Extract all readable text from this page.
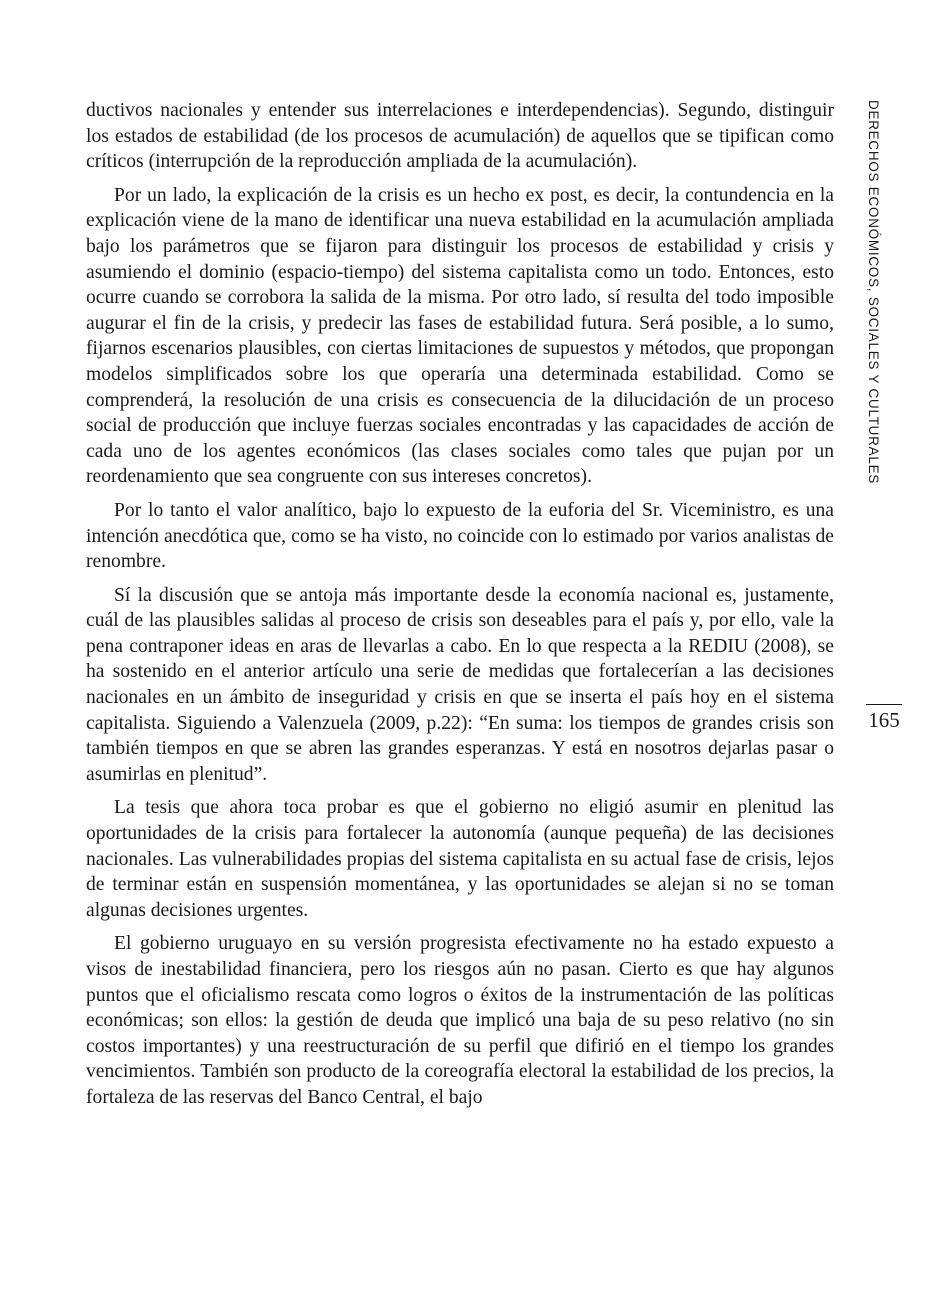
ductivos nacionales y entender sus interrelaciones e interdependencias). Segundo, distinguir los estados de estabilidad (de los procesos de acumulación) de aquellos que se tipifican como críticos (interrupción de la reproducción ampliada de la acumulación).

Por un lado, la explicación de la crisis es un hecho ex post, es decir, la contundencia en la explicación viene de la mano de identificar una nueva estabilidad en la acumulación ampliada bajo los parámetros que se fijaron para distinguir los procesos de estabilidad y crisis y asumiendo el dominio (espacio-tiempo) del sistema capitalista como un todo. Entonces, esto ocurre cuando se corrobora la salida de la misma. Por otro lado, sí resulta del todo imposible augurar el fin de la crisis, y predecir las fases de estabilidad futura. Será posible, a lo sumo, fijarnos escenarios plausibles, con ciertas limitaciones de supuestos y métodos, que propongan modelos simplificados sobre los que operaría una determinada estabilidad. Como se comprenderá, la resolución de una crisis es consecuencia de la dilucidación de un proceso social de producción que incluye fuerzas sociales encontradas y las capacidades de acción de cada uno de los agentes económicos (las clases sociales como tales que pujan por un reordenamiento que sea congruente con sus intereses concretos).

Por lo tanto el valor analítico, bajo lo expuesto de la euforia del Sr. Viceministro, es una intención anecdótica que, como se ha visto, no coincide con lo estimado por varios analistas de renombre.

Sí la discusión que se antoja más importante desde la economía nacional es, justamente, cuál de las plausibles salidas al proceso de crisis son deseables para el país y, por ello, vale la pena contraponer ideas en aras de llevarlas a cabo. En lo que respecta a la REDIU (2008), se ha sostenido en el anterior artículo una serie de medidas que fortalecerían a las decisiones nacionales en un ámbito de inseguridad y crisis en que se inserta el país hoy en el sistema capitalista. Siguiendo a Valenzuela (2009, p.22): “En suma: los tiempos de grandes crisis son también tiempos en que se abren las grandes esperanzas. Y está en nosotros dejarlas pasar o asumirlas en plenitud”.

La tesis que ahora toca probar es que el gobierno no eligió asumir en plenitud las oportunidades de la crisis para fortalecer la autonomía (aunque pequeña) de las decisiones nacionales. Las vulnerabilidades propias del sistema capitalista en su actual fase de crisis, lejos de terminar están en suspensión momentánea, y las oportunidades se alejan si no se toman algunas decisiones urgentes.

El gobierno uruguayo en su versión progresista efectivamente no ha estado expuesto a visos de inestabilidad financiera, pero los riesgos aún no pasan. Cierto es que hay algunos puntos que el oficialismo rescata como logros o éxitos de la instrumentación de las políticas económicas; son ellos: la gestión de deuda que implicó una baja de su peso relativo (no sin costos importantes) y una reestructuración de su perfil que difirió en el tiempo los grandes vencimientos. También son producto de la coreografía electoral la estabilidad de los precios, la fortaleza de las reservas del Banco Central, el bajo

DERECHOS ECONÓMICOS, SOCIALES Y CULTURALES
165
